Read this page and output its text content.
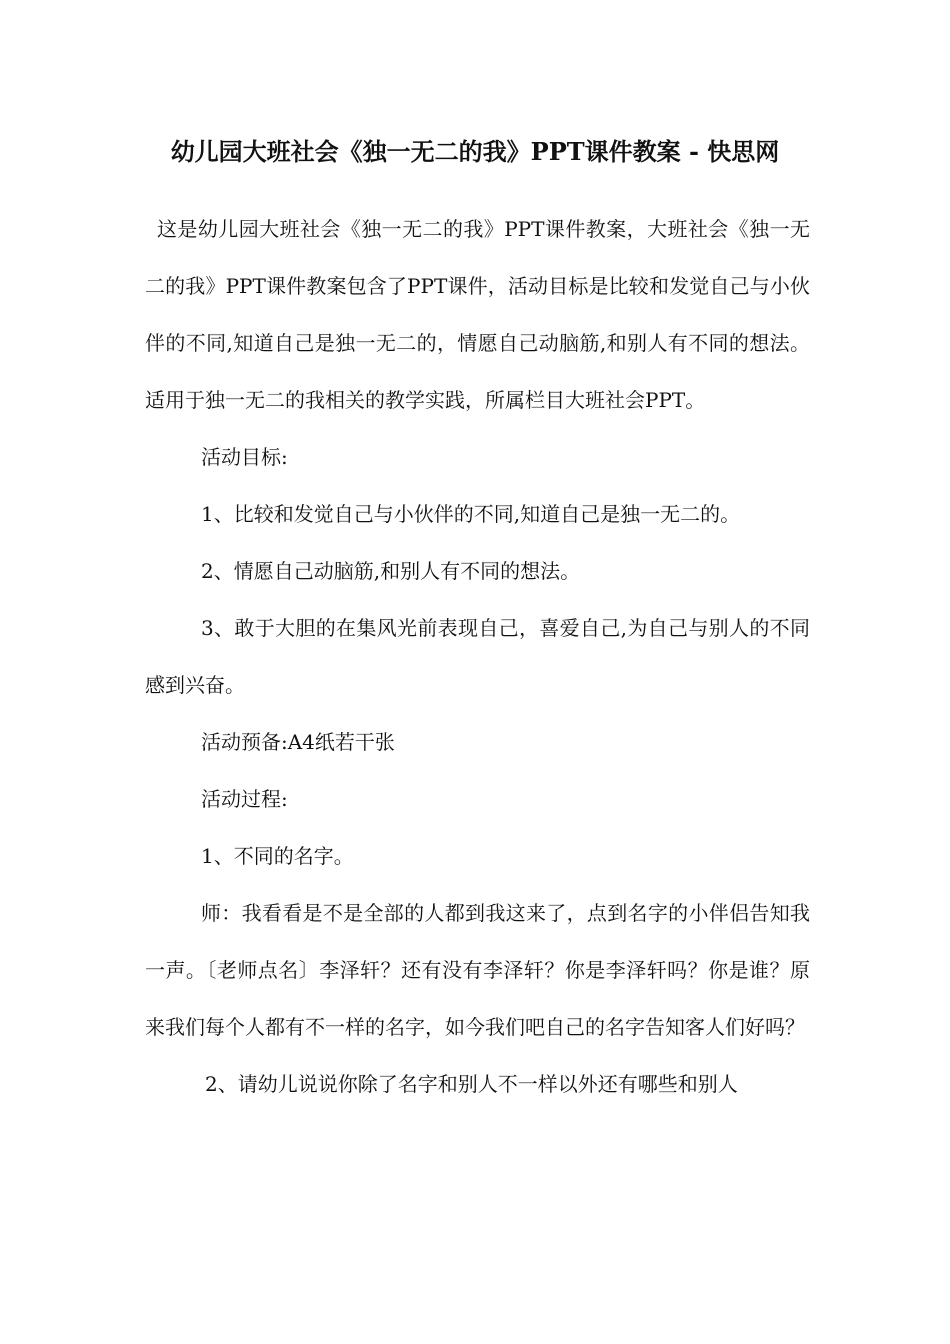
幼儿园大班社会《独一无二的我》PPT课件教案 - 快思网

这是幼儿园大班社会《独一无二的我》PPT课件教案，大班社会《独一无二的我》PPT课件教案包含了PPT课件，活动目标是比较和发觉自己与小伙伴的不同,知道自己是独一无二的，情愿自己动脑筋,和别人有不同的想法。适用于独一无二的我相关的教学实践，所属栏目大班社会PPT。

活动目标:

1、比较和发觉自己与小伙伴的不同,知道自己是独一无二的。

2、情愿自己动脑筋,和别人有不同的想法。

3、敢于大胆的在集风光前表现自己，喜爱自己,为自己与别人的不同感到兴奋。

活动预备:A4纸若干张

活动过程:

1、不同的名字。

师：我看看是不是全部的人都到我这来了，点到名字的小伴侣告知我一声。〔老师点名〕李泽轩？还有没有李泽轩？你是李泽轩吗？你是谁？原来我们每个人都有不一样的名字，如今我们吧自己的名字告知客人们好吗？

2、请幼儿说说你除了名字和别人不一样以外还有哪些和别人
